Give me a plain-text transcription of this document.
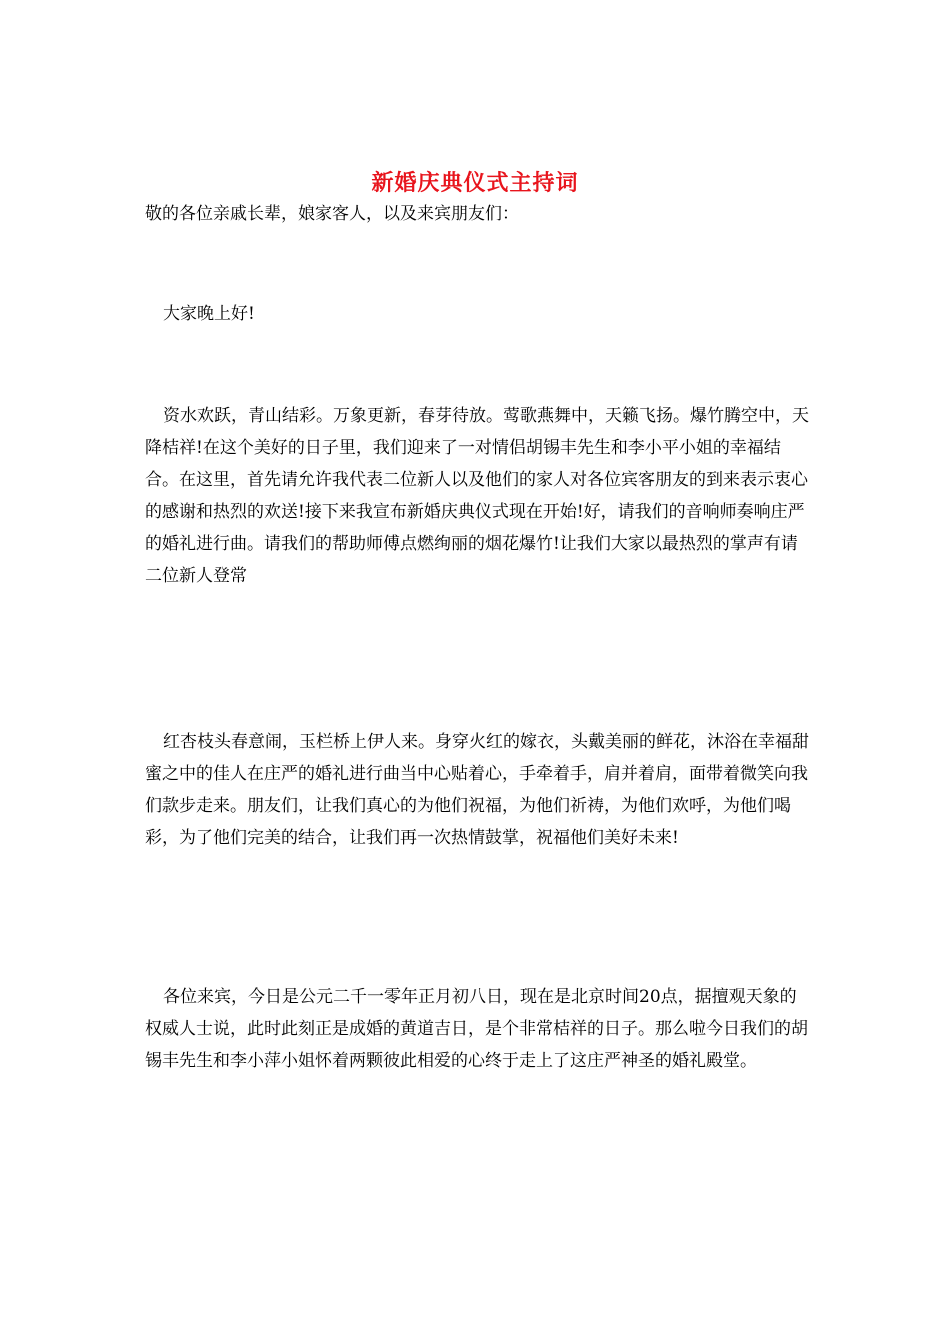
新婚庆典仪式主持词

敬的各位亲戚长辈，娘家客人，以及来宾朋友们：

大家晚上好!

资水欢跃，青山结彩。万象更新，春芽待放。莺歌燕舞中，天籁飞扬。爆竹腾空中，天降桔祥!在这个美好的日子里，我们迎来了一对情侣胡锡丰先生和李小平小姐的幸福结合。在这里，首先请允许我代表二位新人以及他们的家人对各位宾客朋友的到来表示衷心的感谢和热烈的欢送!接下来我宣布新婚庆典仪式现在开始!好，请我们的音响师奏响庄严的婚礼进行曲。请我们的帮助师傅点燃绚丽的烟花爆竹!让我们大家以最热烈的掌声有请二位新人登常

红杏枝头春意闹，玉栏桥上伊人来。身穿火红的嫁衣，头戴美丽的鲜花，沐浴在幸福甜蜜之中的佳人在庄严的婚礼进行曲当中心贴着心，手牵着手，肩并着肩，面带着微笑向我们款步走来。朋友们，让我们真心的为他们祝福，为他们祈祷，为他们欢呼，为他们喝彩，为了他们完美的结合，让我们再一次热情鼓掌，祝福他们美好未来!

各位来宾，今日是公元二千一零年正月初八日，现在是北京时间20点，据擅观天象的权威人士说，此时此刻正是成婚的黄道吉日，是个非常桔祥的日子。那么啦今日我们的胡锡丰先生和李小萍小姐怀着两颗彼此相爱的心终于走上了这庄严神圣的婚礼殿堂。
